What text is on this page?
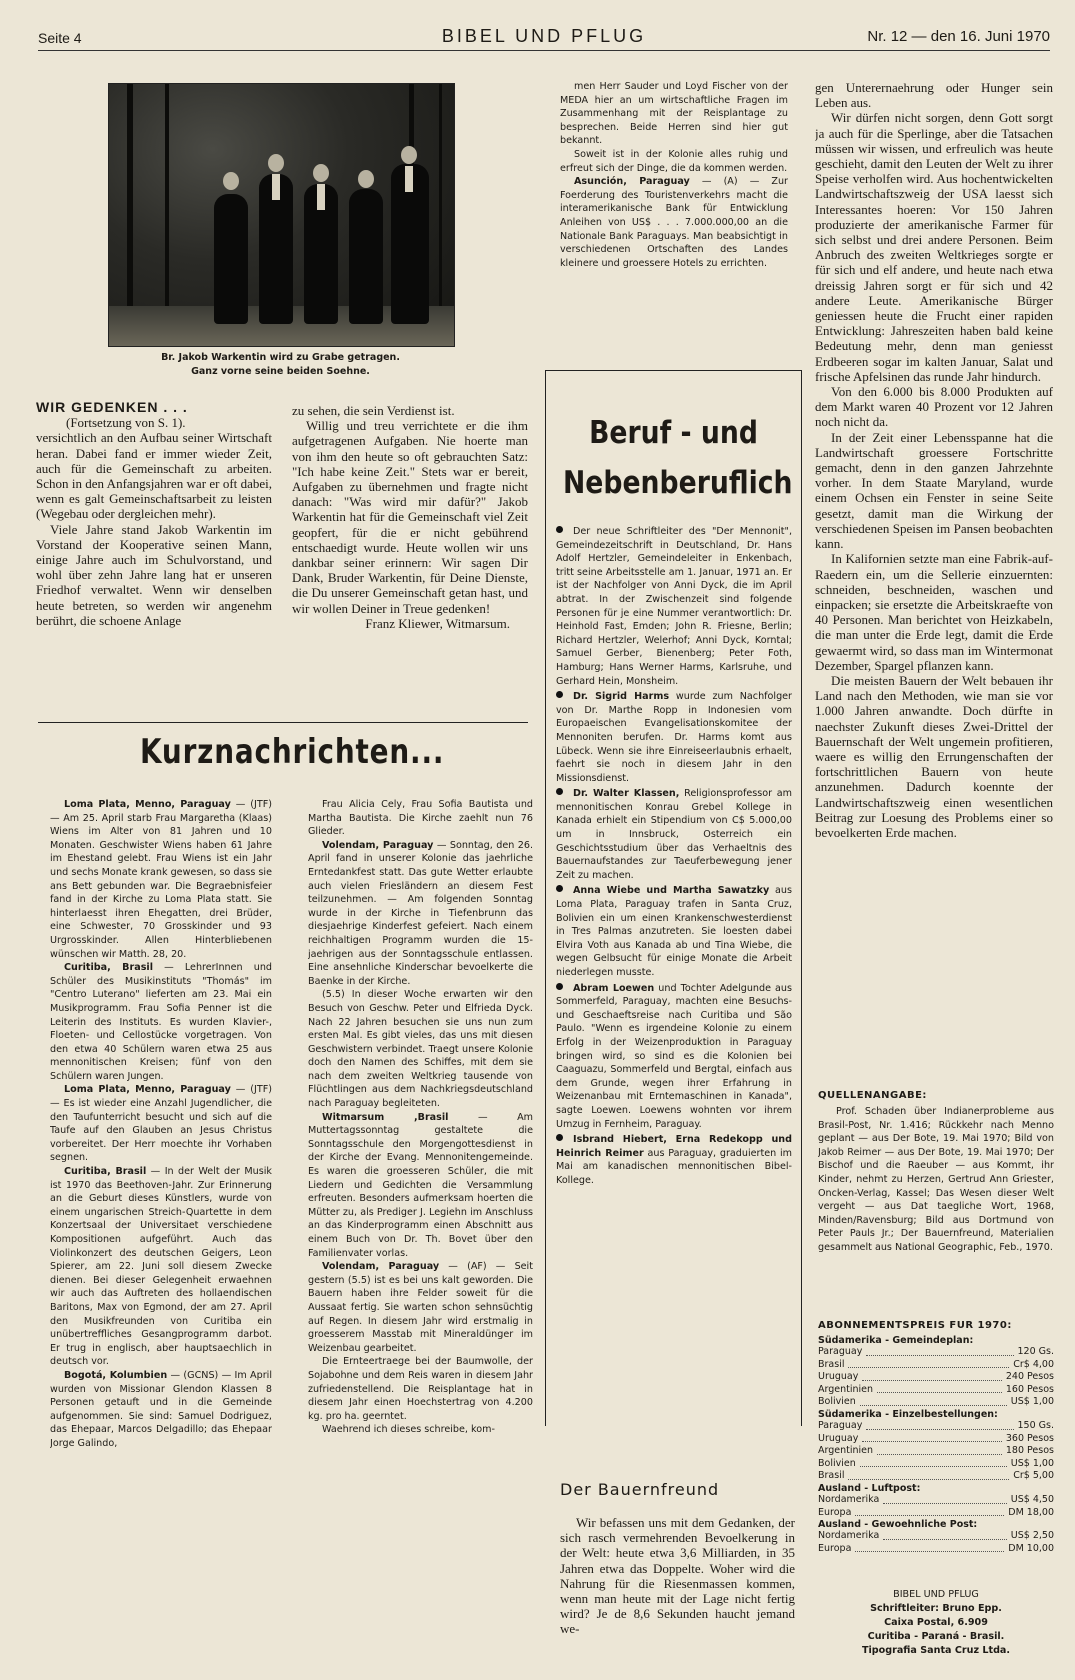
Seite 4	BIBEL UND PFLUG	Nr. 12 — den 16. Juni 1970
Br. Jakob Warkentin wird zu Grabe getragen.
Ganz vorne seine beiden Soehne.
WIR GEDENKEN . . .

(Fortsetzung von S. 1).

versichtlich an den Aufbau seiner Wirtschaft heran. Dabei fand er immer wieder Zeit, auch für die Gemeinschaft zu arbeiten. Schon in den Anfangsjahren war er oft dabei, wenn es galt Gemeinschaftsarbeit zu leisten (Wegebau oder dergleichen mehr).

Viele Jahre stand Jakob Warkentin im Vorstand der Kooperative seinen Mann, einige Jahre auch im Schulvorstand, und wohl über zehn Jahre lang hat er unseren Friedhof verwaltet. Wenn wir denselben heute betreten, so werden wir angenehm berührt, die schoene Anlage

zu sehen, die sein Verdienst ist.

Willig und treu verrichtete er die ihm aufgetragenen Aufgaben. Nie hoerte man von ihm den heute so oft gebrauchten Satz: "Ich habe keine Zeit." Stets war er bereit, Aufgaben zu übernehmen und fragte nicht danach: "Was wird mir dafür?" Jakob Warkentin hat für die Gemeinschaft viel Zeit geopfert, für die er nicht gebührend entschaedigt wurde. Heute wollen wir uns dankbar seiner erinnern: Wir sagen Dir Dank, Bruder Warkentin, für Deine Dienste, die Du unserer Gemeinschaft getan hast, und wir wollen Deiner in Treue gedenken!

Franz Kliewer, Witmarsum.

Kurznachrichten...

Loma Plata, Menno, Paraguay — (JTF) — Am 25. April starb Frau Margaretha (Klaas) Wiens im Alter von 81 Jahren und 10 Monaten. Geschwister Wiens haben 61 Jahre im Ehestand gelebt. Frau Wiens ist ein Jahr und sechs Monate krank gewesen, so dass sie ans Bett gebunden war. Die Begraebnisfeier fand in der Kirche zu Loma Plata statt. Sie hinterlaesst ihren Ehegatten, drei Brüder, eine Schwester, 70 Grosskinder und 93 Urgrosskinder. Allen Hinterbliebenen wünschen wir Matth. 28, 20.

Curitiba, Brasil — LehrerInnen und Schüler des Musikinstituts "Thomás" im "Centro Luterano" lieferten am 23. Mai ein Musikprogramm. Frau Sofia Penner ist die Leiterin des Instituts. Es wurden Klavier-, Floeten- und Cellostücke vorgetragen. Von den etwa 40 Schülern waren etwa 25 aus mennonitischen Kreisen; fünf von den Schülern waren Jungen.

Loma Plata, Menno, Paraguay — (JTF) — Es ist wieder eine Anzahl Jugendlicher, die den Taufunterricht besucht und sich auf die Taufe auf den Glauben an Jesus Christus vorbereitet. Der Herr moechte ihr Vorhaben segnen.

Curitiba, Brasil — In der Welt der Musik ist 1970 das Beethoven-Jahr. Zur Erinnerung an die Geburt dieses Künstlers, wurde von einem ungarischen Streich-Quartette in dem Konzertsaal der Universitaet verschiedene Kompositionen aufgeführt. Auch das Violinkonzert des deutschen Geigers, Leon Spierer, am 22. Juni soll diesem Zwecke dienen. Bei dieser Gelegenheit erwaehnen wir auch das Auftreten des hollaendischen Baritons, Max von Egmond, der am 27. April den Musikfreunden von Curitiba ein unübertreffliches Gesangprogramm darbot. Er trug in englisch, aber hauptsaechlich in deutsch vor.

Bogotá, Kolumbien — (GCNS) — Im April wurden von Missionar Glendon Klassen 8 Personen getauft und in die Gemeinde aufgenommen. Sie sind: Samuel Dodriguez, das Ehepaar, Marcos Delgadillo; das Ehepaar Jorge Galindo,

Frau Alicia Cely, Frau Sofia Bautista und Martha Bautista. Die Kirche zaehlt nun 76 Glieder.

Volendam, Paraguay — Sonntag, den 26. April fand in unserer Kolonie das jaehrliche Erntedankfest statt. Das gute Wetter erlaubte auch vielen Friesländern an diesem Fest teilzunehmen. — Am folgenden Sonntag wurde in der Kirche in Tiefenbrunn das diesjaehrige Kinderfest gefeiert. Nach einem reichhaltigen Programm wurden die 15-jaehrigen aus der Sonntagsschule entlassen. Eine ansehnliche Kinderschar bevoelkerte die Baenke in der Kirche.

(5.5) In dieser Woche erwarten wir den Besuch von Geschw. Peter und Elfrieda Dyck. Nach 22 Jahren besuchen sie uns nun zum ersten Mal. Es gibt vieles, das uns mit diesen Geschwistern verbindet. Traegt unsere Kolonie doch den Namen des Schiffes, mit dem sie nach dem zweiten Weltkrieg tausende von Flüchtlingen aus dem Nachkriegsdeutschland nach Paraguay begleiteten.

Witmarsum ,Brasil — Am Muttertagssonntag gestaltete die Sonntagsschule den Morgengottesdienst in der Kirche der Evang. Mennonitengemeinde. Es waren die groesseren Schüler, die mit Liedern und Gedichten die Versammlung erfreuten. Besonders aufmerksam hoerten die Mütter zu, als Prediger J. Legiehn im Anschluss an das Kinderprogramm einen Abschnitt aus einem Buch von Dr. Th. Bovet über den Familienvater vorlas.

Volendam, Paraguay — (AF) — Seit gestern (5.5) ist es bei uns kalt geworden. Die Bauern haben ihre Felder soweit für die Aussaat fertig. Sie warten schon sehnsüchtig auf Regen. In diesem Jahr wird erstmalig in groesserem Masstab mit Mineraldünger im Weizenbau gearbeitet.

Die Ernteertraege bei der Baumwolle, der Sojabohne und dem Reis waren in diesem Jahr zufriedenstellend. Die Reisplantage hat in diesem Jahr einen Hoechstertrag von 4.200 kg. pro ha. geerntet.

Waehrend ich dieses schreibe, kom-

men Herr Sauder und Loyd Fischer von der MEDA hier an um wirtschaftliche Fragen im Zusammenhang mit der Reisplantage zu besprechen. Beide Herren sind hier gut bekannt.

Soweit ist in der Kolonie alles ruhig und erfreut sich der Dinge, die da kommen werden.

Asunción, Paraguay — (A) — Zur Foerderung des Touristenverkehrs macht die interamerikanische Bank für Entwicklung Anleihen von US$ . . . 7.000.000,00 an die Nationale Bank Paraguays. Man beabsichtigt in verschiedenen Ortschaften des Landes kleinere und groessere Hotels zu errichten.

Beruf - und
Nebenberuflich

Der neue Schriftleiter des "Der Mennonit", Gemeindezeitschrift in Deutschland, Dr. Hans Adolf Hertzler, Gemeindeleiter in Enkenbach, tritt seine Arbeitsstelle am 1. Januar, 1971 an. Er ist der Nachfolger von Anni Dyck, die im April abtrat. In der Zwischenzeit sind folgende Personen für je eine Nummer verantwortlich: Dr. Heinhold Fast, Emden; John R. Friesne, Berlin; Richard Hertzler, Welerhof; Anni Dyck, Korntal; Samuel Gerber, Bienenberg; Peter Foth, Hamburg; Hans Werner Harms, Karlsruhe, und Gerhard Hein, Monsheim.

Dr. Sigrid Harms wurde zum Nachfolger von Dr. Marthe Ropp in Indonesien vom Europaeischen Evangelisationskomitee der Mennoniten berufen. Dr. Harms komt aus Lübeck. Wenn sie ihre Einreiseerlaubnis erhaelt, faehrt sie noch in diesem Jahr in den Missionsdienst.

Dr. Walter Klassen, Religionsprofessor am mennonitischen Konrau Grebel Kollege in Kanada erhielt ein Stipendium von C$ 5.000,00 um in Innsbruck, Osterreich ein Geschichtsstudium über das Verhaeltnis des Bauernaufstandes zur Taeuferbewegung jener Zeit zu machen.

Anna Wiebe und Martha Sawatzky aus Loma Plata, Paraguay trafen in Santa Cruz, Bolivien ein um einen Krankenschwesterdienst in Tres Palmas anzutreten. Sie loesten dabei Elvira Voth aus Kanada ab und Tina Wiebe, die wegen Gelbsucht für einige Monate die Arbeit niederlegen musste.

Abram Loewen und Tochter Adelgunde aus Sommerfeld, Paraguay, machten eine Besuchs- und Geschaeftsreise nach Curitiba und São Paulo. "Wenn es irgendeine Kolonie zu einem Erfolg in der Weizenproduktion in Paraguay bringen wird, so sind es die Kolonien bei Caaguazu, Sommerfeld und Bergtal, einfach aus dem Grunde, wegen ihrer Erfahrung in Weizenanbau mit Erntemaschinen in Kanada", sagte Loewen. Loewens wohnten vor ihrem Umzug in Fernheim, Paraguay.

Isbrand Hiebert, Erna Redekopp und Heinrich Reimer aus Paraguay, graduierten im Mai am kanadischen mennonitischen Bibel-Kollege.

Der Bauernfreund

Wir befassen uns mit dem Gedanken, der sich rasch vermehrenden Bevoelkerung in der Welt: heute etwa 3,6 Milliarden, in 35 Jahren etwa das Doppelte. Woher wird die Nahrung für die Riesenmassen kommen, wenn man heute mit der Lage nicht fertig wird? Je de 8,6 Sekunden haucht jemand we-

gen Unterernaehrung oder Hunger sein Leben aus.

Wir dürfen nicht sorgen, denn Gott sorgt ja auch für die Sperlinge, aber die Tatsachen müssen wir wissen, und erfreulich was heute geschieht, damit den Leuten der Welt zu ihrer Speise verholfen wird. Aus hochentwickelten Landwirtschaftszweig der USA laesst sich Interessantes hoeren: Vor 150 Jahren produzierte der amerikanische Farmer für sich selbst und drei andere Personen. Beim Anbruch des zweiten Weltkrieges sorgte er für sich und elf andere, und heute nach etwa dreissig Jahren sorgt er für sich und 42 andere Leute. Amerikanische Bürger geniessen heute die Frucht einer rapiden Entwicklung: Jahreszeiten haben bald keine Bedeutung mehr, denn man geniesst Erdbeeren sogar im kalten Januar, Salat und frische Apfelsinen das runde Jahr hindurch.

Von den 6.000 bis 8.000 Produkten auf dem Markt waren 40 Prozent vor 12 Jahren noch nicht da.

In der Zeit einer Lebensspanne hat die Landwirtschaft groessere Fortschritte gemacht, denn in den ganzen Jahrzehnte vorher. In dem Staate Maryland, wurde einem Ochsen ein Fenster in seine Seite gesetzt, damit man die Wirkung der verschiedenen Speisen im Pansen beobachten kann.

In Kalifornien setzte man eine Fabrik-auf-Raedern ein, um die Sellerie einzuernten: schneiden, beschneiden, waschen und einpacken; sie ersetzte die Arbeitskraefte von 40 Personen. Man berichtet von Heizkabeln, die man unter die Erde legt, damit die Erde gewaermt wird, so dass man im Wintermonat Dezember, Spargel pflanzen kann.

Die meisten Bauern der Welt bebauen ihr Land nach den Methoden, wie man sie vor 1.000 Jahren anwandte. Doch dürfte in naechster Zukunft dieses Zwei-Drittel der Bauernschaft der Welt ungemein profitieren, waere es willig den Errungenschaften der fortschrittlichen Bauern von heute anzunehmen. Dadurch koennte der Landwirtschaftszweig einen wesentlichen Beitrag zur Loesung des Problems einer so bevoelkerten Erde machen.

QUELLENANGABE:

Prof. Schaden über Indianerprobleme aus Brasil-Post, Nr. 1.416; Rückkehr nach Menno geplant — aus Der Bote, 19. Mai 1970; Bild von Jakob Reimer — aus Der Bote, 19. Mai 1970; Der Bischof und die Raeuber — aus Kommt, ihr Kinder, nehmt zu Herzen, Gertrud Ann Griester, Oncken-Verlag, Kassel; Das Wesen dieser Welt vergeht — aus Dat taegliche Wort, 1968, Minden/Ravensburg; Bild aus Dortmund von Peter Pauls Jr.; Der Bauernfreund, Materialien gesammelt aus National Geographic, Feb., 1970.

ABONNEMENTSPREIS FÜR 1970:
Südamerika - Gemeindeplan:
Paraguay	120 Gs.
Brasil	Cr$ 4,00
Uruguay	240 Pesos
Argentinien	160 Pesos
Bolivien	US$ 1,00
Südamerika - Einzelbestellungen:
Paraguay	150 Gs.
Uruguay	360 Pesos
Argentinien	180 Pesos
Bolivien	US$ 1,00
Brasil	Cr$ 5,00
Ausland - Luftpost:
Nordamerika	US$ 4,50
Europa	DM 18,00
Ausland - Gewoehnliche Post:
Nordamerika	US$ 2,50
Europa	DM 10,00
BIBEL UND PFLUG
Schriftleiter: Bruno Epp.
Caixa Postal, 6.909
Curitiba - Paraná - Brasil.
Tipografia Santa Cruz Ltda.
